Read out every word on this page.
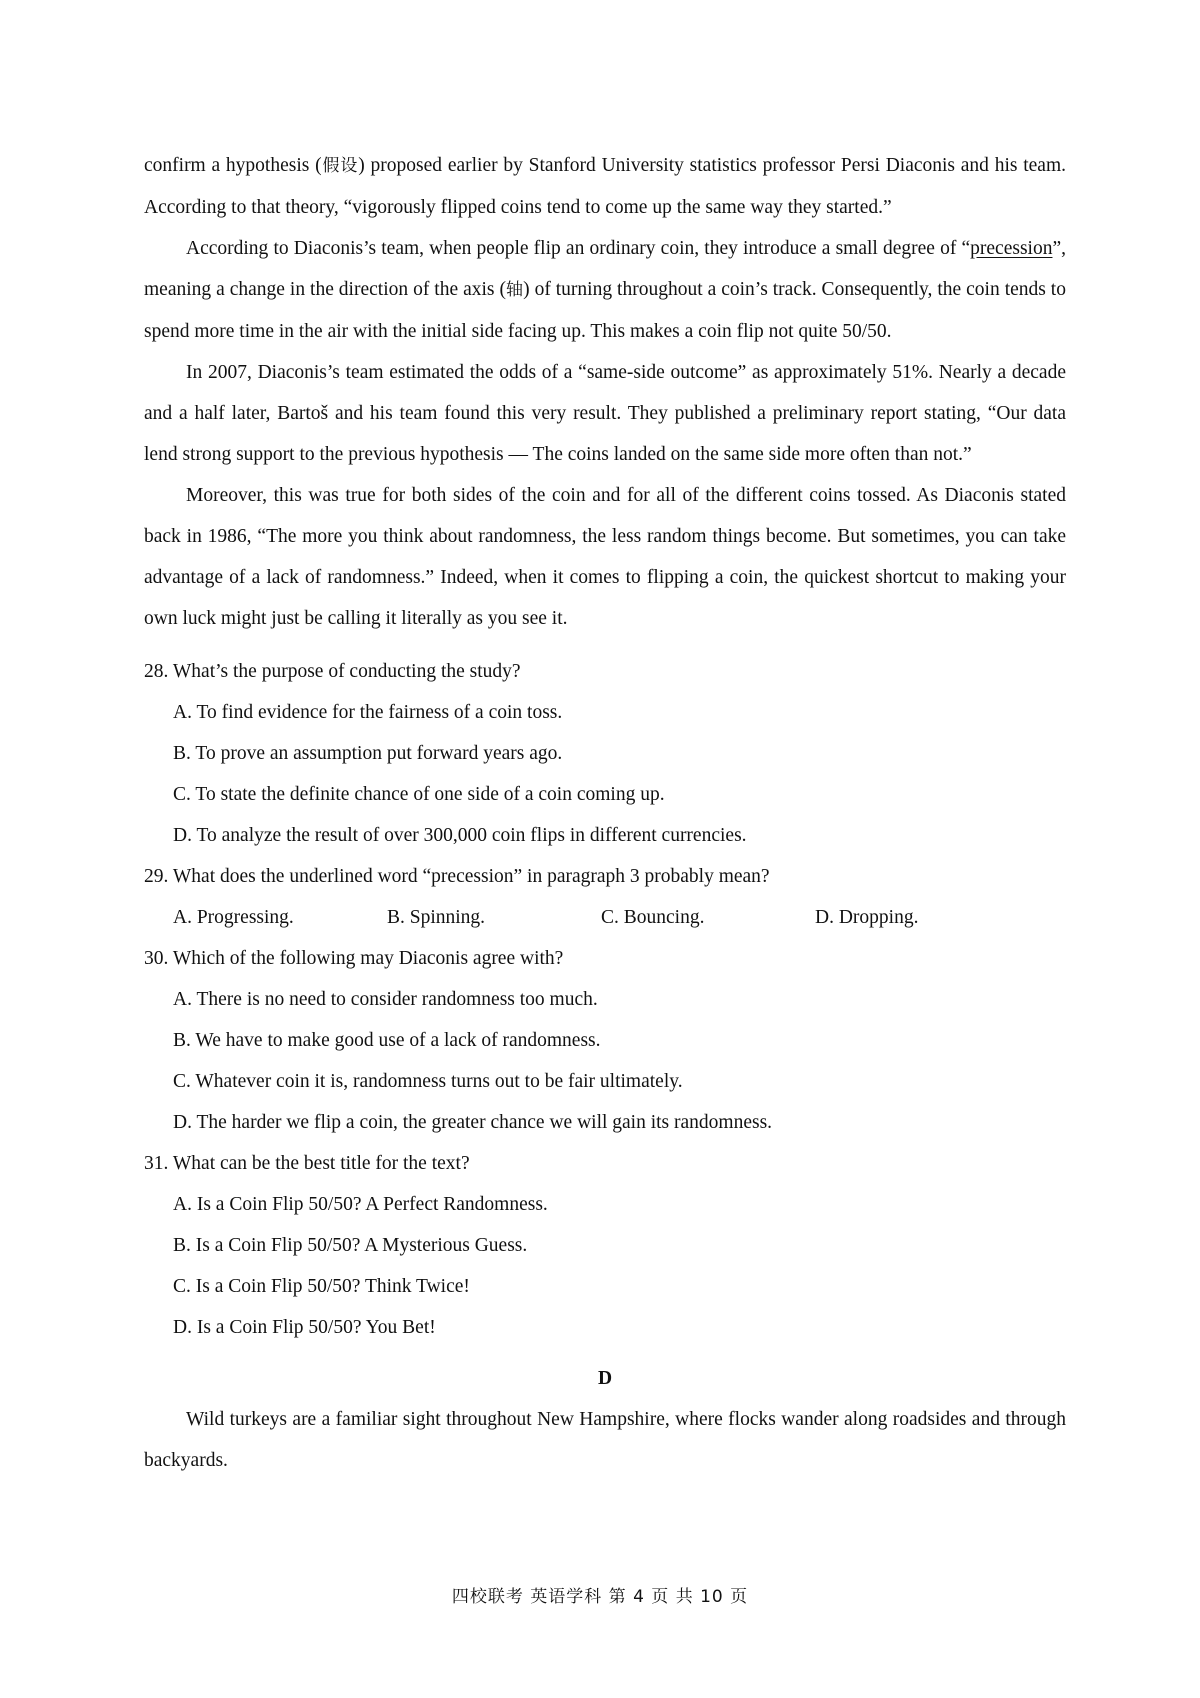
confirm a hypothesis (假设) proposed earlier by Stanford University statistics professor Persi Diaconis and his team. According to that theory, “vigorously flipped coins tend to come up the same way they started.”

According to Diaconis’s team, when people flip an ordinary coin, they introduce a small degree of “precession”, meaning a change in the direction of the axis (轴) of turning throughout a coin’s track. Consequently, the coin tends to spend more time in the air with the initial side facing up. This makes a coin flip not quite 50/50.

In 2007, Diaconis’s team estimated the odds of a “same-side outcome” as approximately 51%. Nearly a decade and a half later, Bartoš and his team found this very result. They published a preliminary report stating, “Our data lend strong support to the previous hypothesis — The coins landed on the same side more often than not.”

Moreover, this was true for both sides of the coin and for all of the different coins tossed. As Diaconis stated back in 1986, “The more you think about randomness, the less random things become. But sometimes, you can take advantage of a lack of randomness.” Indeed, when it comes to flipping a coin, the quickest shortcut to making your own luck might just be calling it literally as you see it.

28. What’s the purpose of conducting the study?

A. To find evidence for the fairness of a coin toss.

B. To prove an assumption put forward years ago.

C. To state the definite chance of one side of a coin coming up.

D. To analyze the result of over 300,000 coin flips in different currencies.

29. What does the underlined word “precession” in paragraph 3 probably mean?

A. Progressing.	B. Spinning.	C. Bouncing.	D. Dropping.

30. Which of the following may Diaconis agree with?

A. There is no need to consider randomness too much.

B. We have to make good use of a lack of randomness.

C. Whatever coin it is, randomness turns out to be fair ultimately.

D. The harder we flip a coin, the greater chance we will gain its randomness.

31. What can be the best title for the text?

A. Is a Coin Flip 50/50? A Perfect Randomness.

B. Is a Coin Flip 50/50? A Mysterious Guess.

C. Is a Coin Flip 50/50? Think Twice!

D. Is a Coin Flip 50/50? You Bet!

D

Wild turkeys are a familiar sight throughout New Hampshire, where flocks wander along roadsides and through backyards.

四校联考 英语学科 第 4 页 共 10 页
